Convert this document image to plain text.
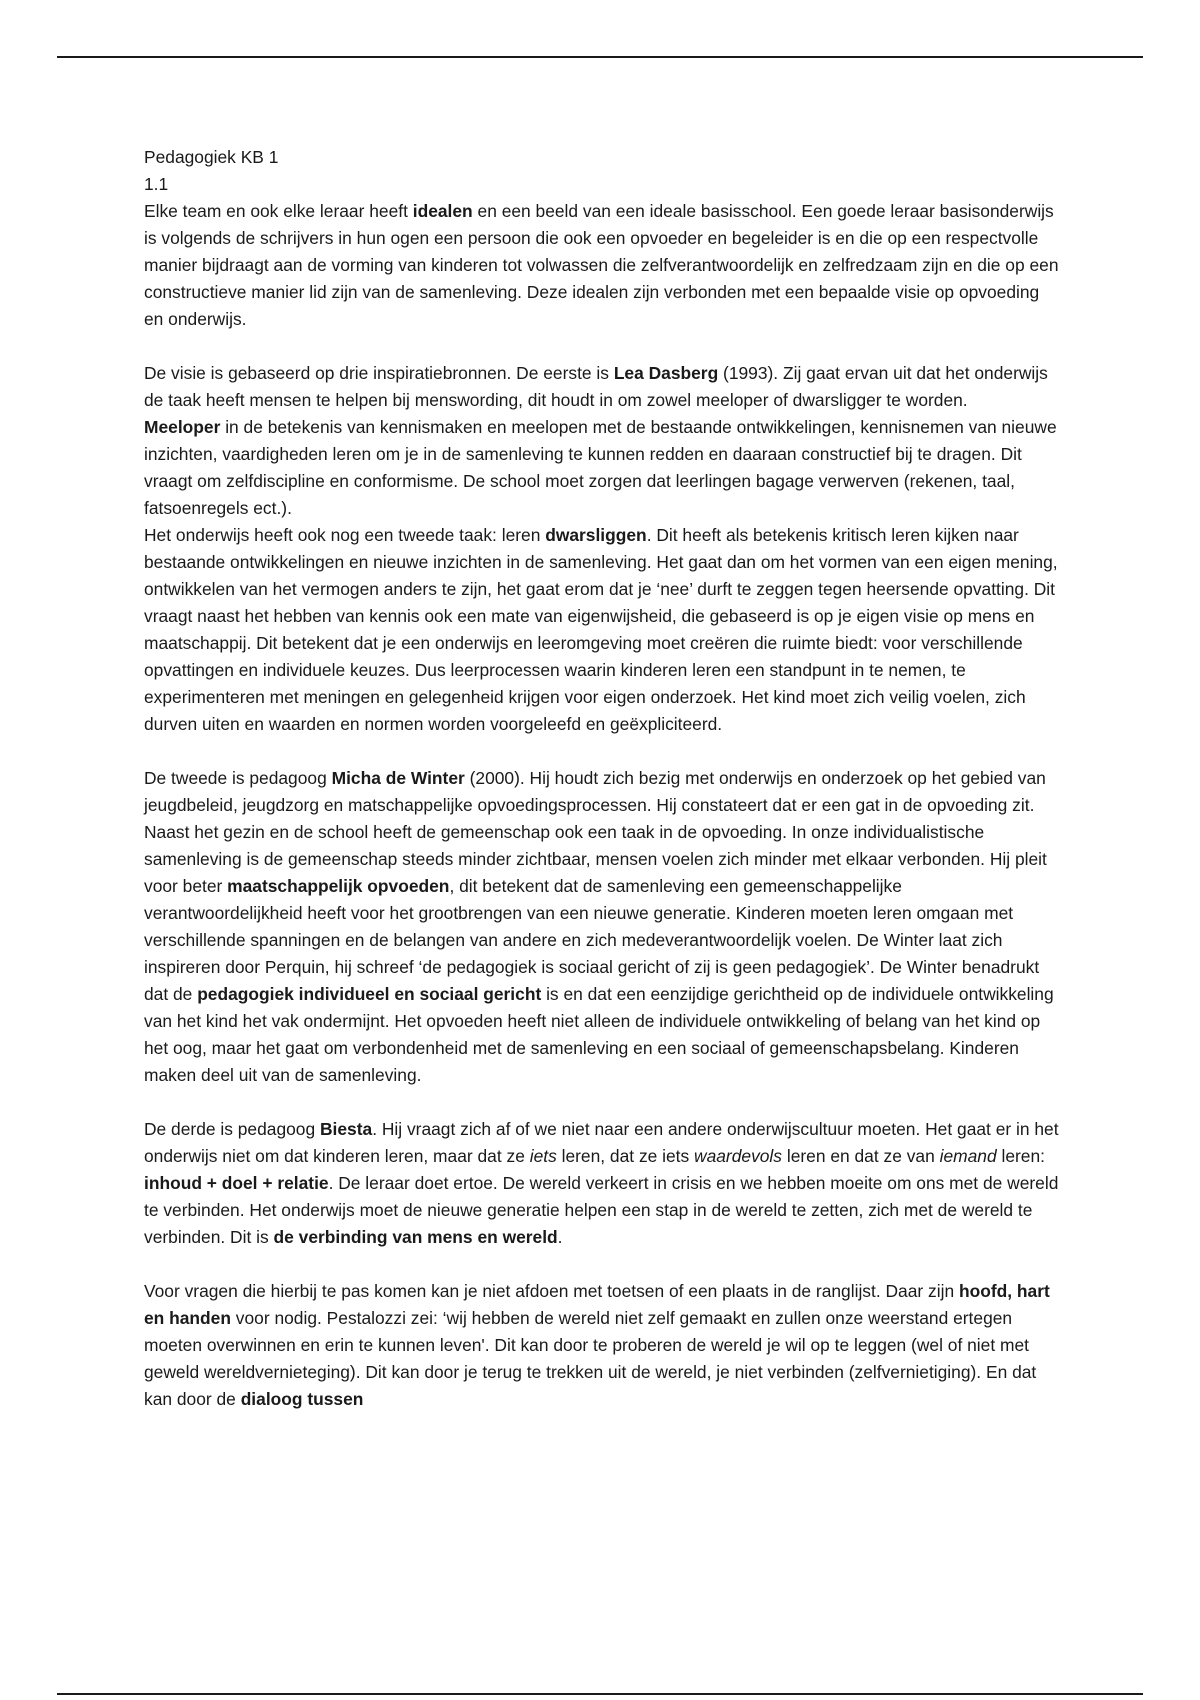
Pedagogiek KB 1

1.1

Elke team en ook elke leraar heeft idealen en een beeld van een ideale basisschool. Een goede leraar basisonderwijs is volgends de schrijvers in hun ogen een persoon die ook een opvoeder en begeleider is en die op een respectvolle manier bijdraagt aan de vorming van kinderen tot volwassen die zelfverantwoordelijk en zelfredzaam zijn en die op een constructieve manier lid zijn van de samenleving. Deze idealen zijn verbonden met een bepaalde visie op opvoeding en onderwijs.

De visie is gebaseerd op drie inspiratiebronnen. De eerste is Lea Dasberg (1993). Zij gaat ervan uit dat het onderwijs de taak heeft mensen te helpen bij menswording, dit houdt in om zowel meeloper of dwarsligger te worden.

Meeloper in de betekenis van kennismaken en meelopen met de bestaande ontwikkelingen, kennisnemen van nieuwe inzichten, vaardigheden leren om je in de samenleving te kunnen redden en daaraan constructief bij te dragen. Dit vraagt om zelfdiscipline en conformisme. De school moet zorgen dat leerlingen bagage verwerven (rekenen, taal, fatsoenregels ect.).

Het onderwijs heeft ook nog een tweede taak: leren dwarsliggen. Dit heeft als betekenis kritisch leren kijken naar bestaande ontwikkelingen en nieuwe inzichten in de samenleving. Het gaat dan om het vormen van een eigen mening, ontwikkelen van het vermogen anders te zijn, het gaat erom dat je ‘nee’ durft te zeggen tegen heersende opvatting. Dit vraagt naast het hebben van kennis ook een mate van eigenwijsheid, die gebaseerd is op je eigen visie op mens en maatschappij. Dit betekent dat je een onderwijs en leeromgeving moet creëren die ruimte biedt: voor verschillende opvattingen en individuele keuzes. Dus leerprocessen waarin kinderen leren een standpunt in te nemen, te experimenteren met meningen en gelegenheid krijgen voor eigen onderzoek. Het kind moet zich veilig voelen, zich durven uiten en waarden en normen worden voorgeleefd en geëxpliciteerd.

De tweede is pedagoog Micha de Winter (2000). Hij houdt zich bezig met onderwijs en onderzoek op het gebied van jeugdbeleid, jeugdzorg en matschappelijke opvoedingsprocessen. Hij constateert dat er een gat in de opvoeding zit. Naast het gezin en de school heeft de gemeenschap ook een taak in de opvoeding. In onze individualistische samenleving is de gemeenschap steeds minder zichtbaar, mensen voelen zich minder met elkaar verbonden. Hij pleit voor beter maatschappelijk opvoeden, dit betekent dat de samenleving een gemeenschappelijke verantwoordelijkheid heeft voor het grootbrengen van een nieuwe generatie. Kinderen moeten leren omgaan met verschillende spanningen en de belangen van andere en zich medeverantwoordelijk voelen. De Winter laat zich inspireren door Perquin, hij schreef ‘de pedagogiek is sociaal gericht of zij is geen pedagogiek’. De Winter benadrukt dat de pedagogiek individueel en sociaal gericht is en dat een eenzijdige gerichtheid op de individuele ontwikkeling van het kind het vak ondermijnt. Het opvoeden heeft niet alleen de individuele ontwikkeling of belang van het kind op het oog, maar het gaat om verbondenheid met de samenleving en een sociaal of gemeenschapsbelang. Kinderen maken deel uit van de samenleving.

De derde is pedagoog Biesta. Hij vraagt zich af of we niet naar een andere onderwijscultuur moeten. Het gaat er in het onderwijs niet om dat kinderen leren, maar dat ze iets leren, dat ze iets waardevols leren en dat ze van iemand leren: inhoud + doel + relatie. De leraar doet ertoe. De wereld verkeert in crisis en we hebben moeite om ons met de wereld te verbinden. Het onderwijs moet de nieuwe generatie helpen een stap in de wereld te zetten, zich met de wereld te verbinden. Dit is de verbinding van mens en wereld.

Voor vragen die hierbij te pas komen kan je niet afdoen met toetsen of een plaats in de ranglijst. Daar zijn hoofd, hart en handen voor nodig. Pestalozzi zei: ‘wij hebben de wereld niet zelf gemaakt en zullen onze weerstand ertegen moeten overwinnen en erin te kunnen leven'. Dit kan door te proberen de wereld je wil op te leggen (wel of niet met geweld wereldvernieteging). Dit kan door je terug te trekken uit de wereld, je niet verbinden (zelfvernietiging). En dat kan door de dialoog tussen
